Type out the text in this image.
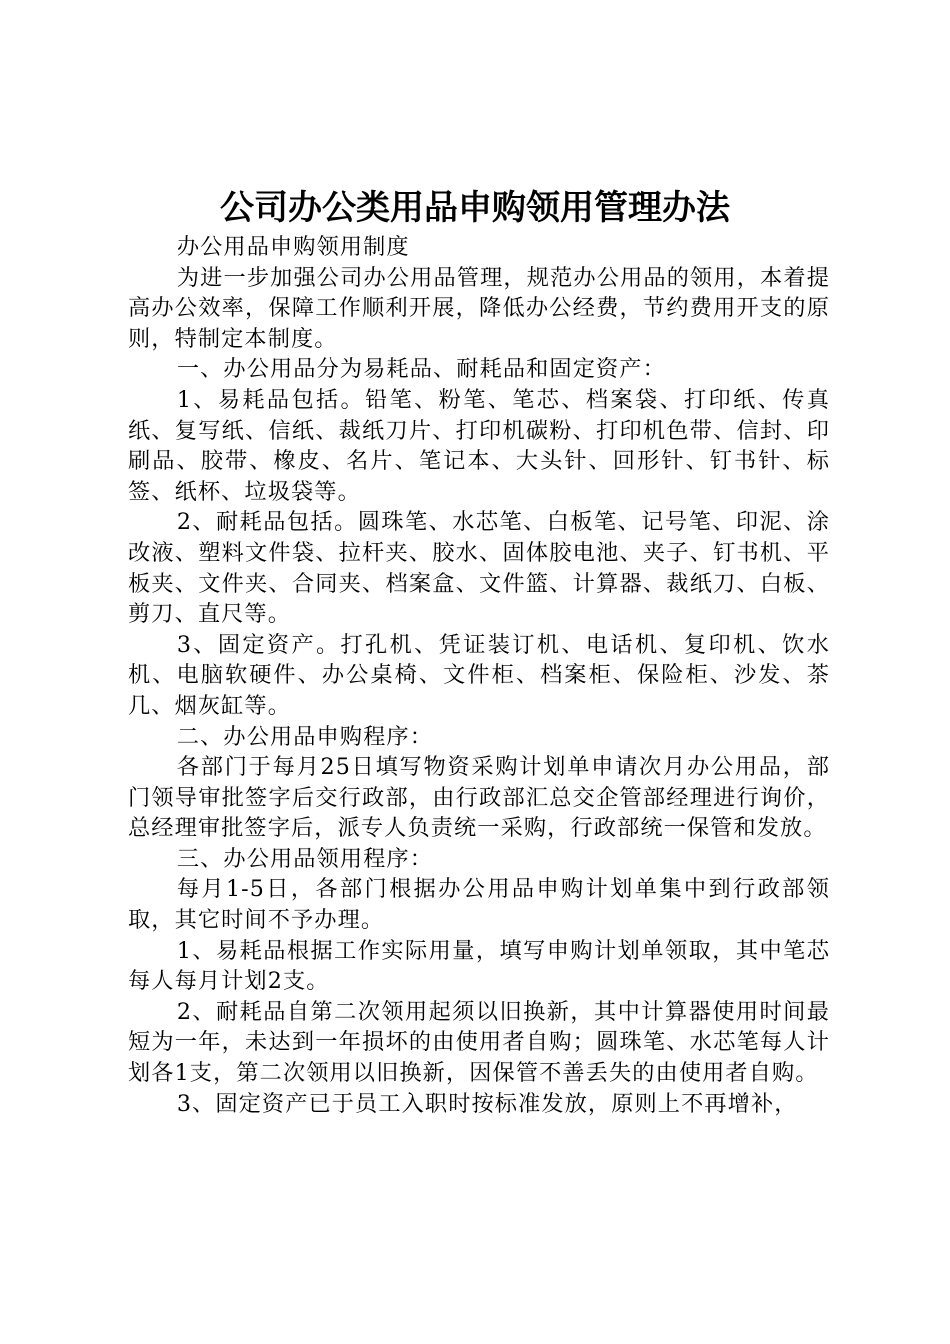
公司办公类用品申购领用管理办法

办公用品申购领用制度

为进一步加强公司办公用品管理，规范办公用品的领用，本着提高办公效率，保障工作顺利开展，降低办公经费，节约费用开支的原则，特制定本制度。

一、办公用品分为易耗品、耐耗品和固定资产：

1、易耗品包括。铅笔、粉笔、笔芯、档案袋、打印纸、传真纸、复写纸、信纸、裁纸刀片、打印机碳粉、打印机色带、信封、印刷品、胶带、橡皮、名片、笔记本、大头针、回形针、钉书针、标签、纸杯、垃圾袋等。

2、耐耗品包括。圆珠笔、水芯笔、白板笔、记号笔、印泥、涂改液、塑料文件袋、拉杆夹、胶水、固体胶电池、夹子、钉书机、平板夹、文件夹、合同夹、档案盒、文件篮、计算器、裁纸刀、白板、剪刀、直尺等。

3、固定资产。打孔机、凭证装订机、电话机、复印机、饮水机、电脑软硬件、办公桌椅、文件柜、档案柜、保险柜、沙发、茶几、烟灰缸等。

二、办公用品申购程序：

各部门于每月25日填写物资采购计划单申请次月办公用品，部门领导审批签字后交行政部，由行政部汇总交企管部经理进行询价，总经理审批签字后，派专人负责统一采购，行政部统一保管和发放。

三、办公用品领用程序：

每月1-5日，各部门根据办公用品申购计划单集中到行政部领取，其它时间不予办理。

1、易耗品根据工作实际用量，填写申购计划单领取，其中笔芯每人每月计划2支。

2、耐耗品自第二次领用起须以旧换新，其中计算器使用时间最短为一年，未达到一年损坏的由使用者自购；圆珠笔、水芯笔每人计划各1支，第二次领用以旧换新，因保管不善丢失的由使用者自购。

3、固定资产已于员工入职时按标准发放，原则上不再增补，
